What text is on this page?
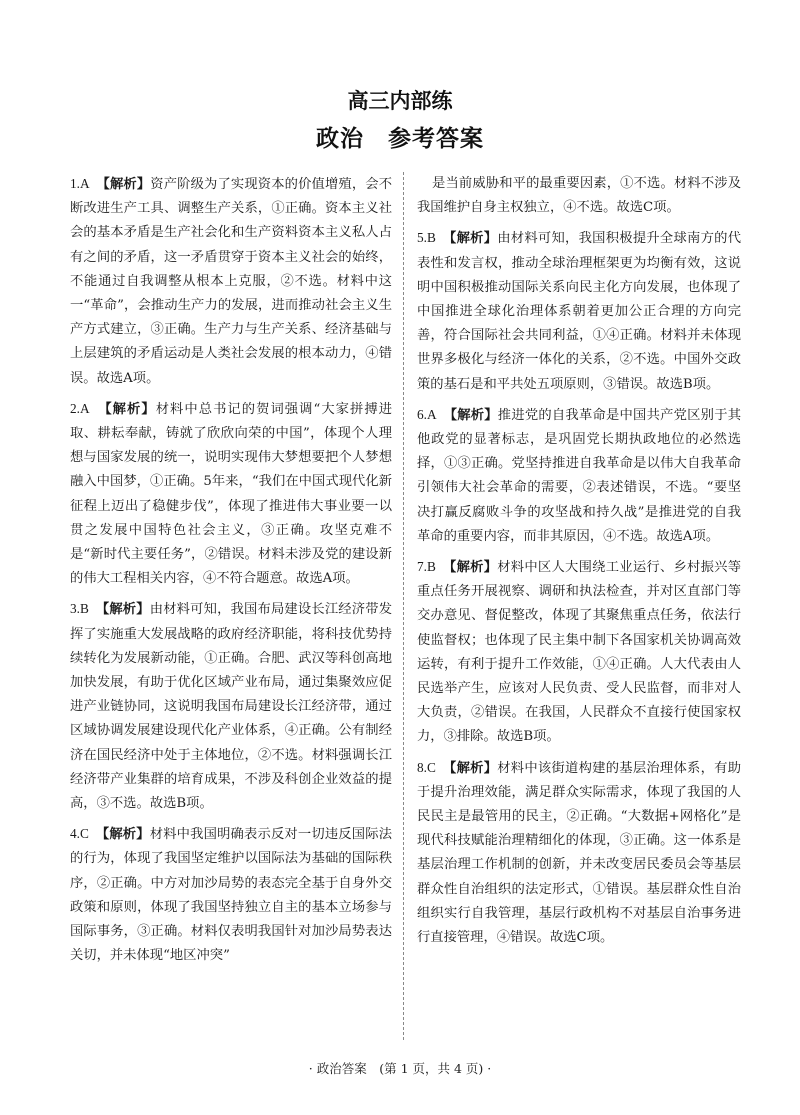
高三内部练
政治　参考答案

1.A　 【解析】资产阶级为了实现资本的价值增殖，会不断改进生产工具、调整生产关系，①正确。资本主义社会的基本矛盾是生产社会化和生产资料资本主义私人占有之间的矛盾，这一矛盾贯穿于资本主义社会的始终，不能通过自我调整从根本上克服，②不选。材料中这一“革命”，会推动生产力的发展，进而推动社会主义生产方式建立，③正确。生产力与生产关系、经济基础与上层建筑的矛盾运动是人类社会发展的根本动力，④错误。故选A项。

2.A　 【解析】材料中总书记的贺词强调“大家拼搏进取、耕耘奉献，铸就了欣欣向荣的中国”，体现个人理想与国家发展的统一，说明实现伟大梦想要把个人梦想融入中国梦，①正确。5年来，“我们在中国式现代化新征程上迈出了稳健步伐”，体现了推进伟大事业要一以贯之发展中国特色社会主义，③正确。攻坚克难不是“新时代主要任务”，②错误。材料未涉及党的建设新的伟大工程相关内容，④不符合题意。故选A项。

3.B　 【解析】由材料可知，我国布局建设长江经济带发挥了实施重大发展战略的政府经济职能，将科技优势持续转化为发展新动能，①正确。合肥、武汉等科创高地加快发展，有助于优化区域产业布局，通过集聚效应促进产业链协同，这说明我国布局建设长江经济带，通过区域协调发展建设现代化产业体系，④正确。公有制经济在国民经济中处于主体地位，②不选。材料强调长江经济带产业集群的培育成果，不涉及科创企业效益的提高，③不选。故选B项。

4.C　 【解析】材料中我国明确表示反对一切违反国际法的行为，体现了我国坚定维护以国际法为基础的国际秩序，②正确。中方对加沙局势的表态完全基于自身外交政策和原则，体现了我国坚持独立自主的基本立场参与国际事务，③正确。材料仅表明我国针对加沙局势表达关切，并未体现“地区冲突”

是当前威胁和平的最重要因素，①不选。材料不涉及我国维护自身主权独立，④不选。故选C项。

5.B　 【解析】由材料可知，我国积极提升全球南方的代表性和发言权，推动全球治理框架更为均衡有效，这说明中国积极推动国际关系向民主化方向发展，也体现了中国推进全球化治理体系朝着更加公正合理的方向完善，符合国际社会共同利益，①④正确。材料并未体现世界多极化与经济一体化的关系，②不选。中国外交政策的基石是和平共处五项原则，③错误。故选B项。

6.A　 【解析】推进党的自我革命是中国共产党区别于其他政党的显著标志，是巩固党长期执政地位的必然选择，①③正确。党坚持推进自我革命是以伟大自我革命引领伟大社会革命的需要，②表述错误，不选。“要坚决打赢反腐败斗争的攻坚战和持久战”是推进党的自我革命的重要内容，而非其原因，④不选。故选A项。

7.B　 【解析】材料中区人大围绕工业运行、乡村振兴等重点任务开展视察、调研和执法检查，并对区直部门等交办意见、督促整改，体现了其聚焦重点任务，依法行使监督权；也体现了民主集中制下各国家机关协调高效运转，有利于提升工作效能，①④正确。人大代表由人民选举产生，应该对人民负责、受人民监督，而非对人大负责，②错误。在我国，人民群众不直接行使国家权力，③排除。故选B项。

8.C　 【解析】材料中该街道构建的基层治理体系，有助于提升治理效能，满足群众实际需求，体现了我国的人民民主是最管用的民主，②正确。“大数据+网格化”是现代科技赋能治理精细化的体现，③正确。这一体系是基层治理工作机制的创新，并未改变居民委员会等基层群众性自治组织的法定形式，①错误。基层群众性自治组织实行自我管理，基层行政机构不对基层自治事务进行直接管理，④错误。故选C项。

· 政治答案　(第 1 页，共 4 页) ·
